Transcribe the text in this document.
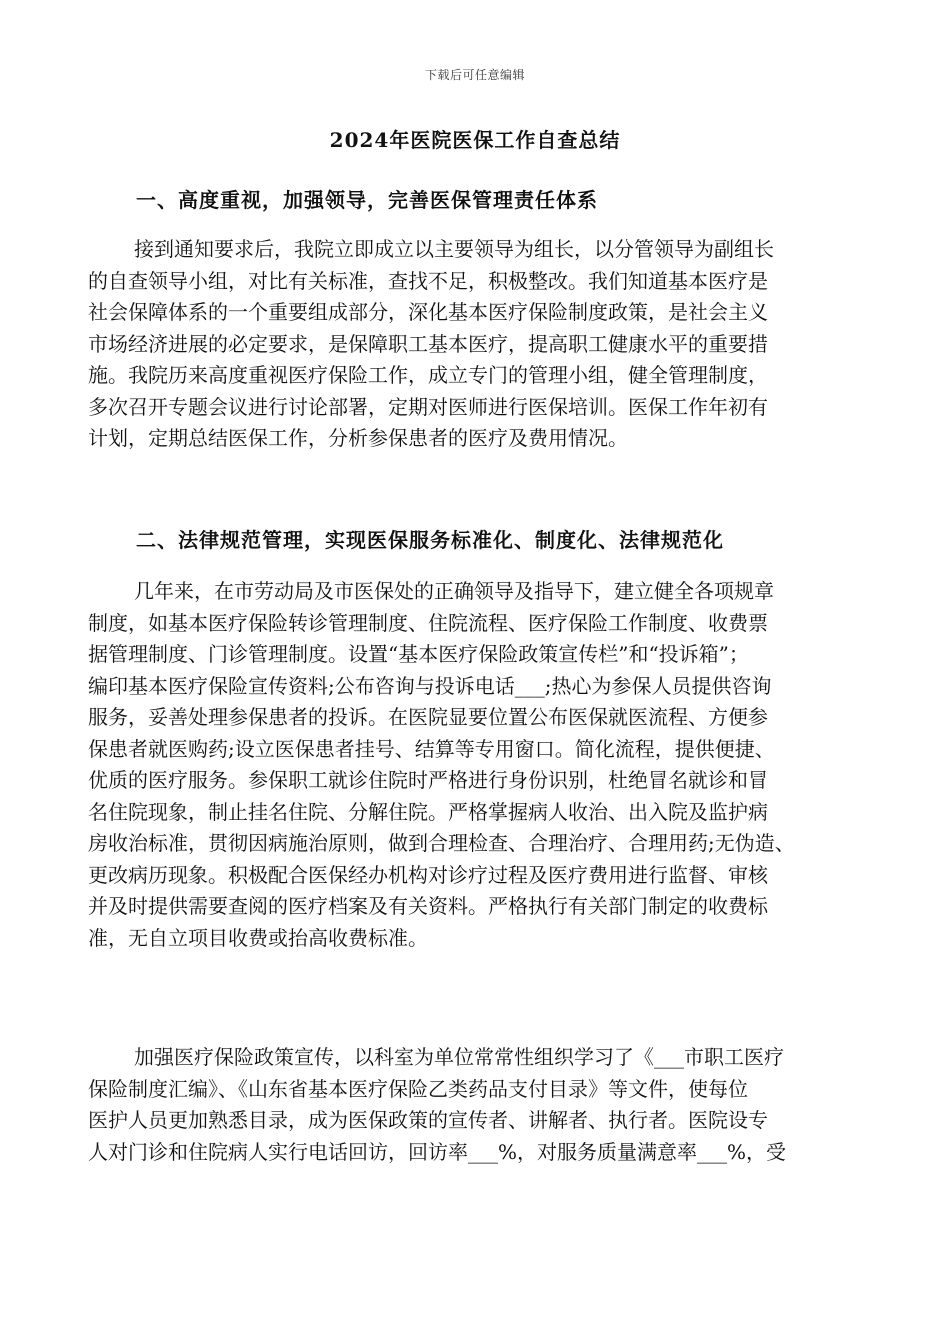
下载后可任意编辑
2024年医院医保工作自查总结
一、高度重视，加强领导，完善医保管理责任体系
接到通知要求后，我院立即成立以主要领导为组长，以分管领导为副组长
的自查领导小组，对比有关标准，查找不足，积极整改。我们知道基本医疗是
社会保障体系的一个重要组成部分，深化基本医疗保险制度政策，是社会主义
市场经济进展的必定要求，是保障职工基本医疗，提高职工健康水平的重要措
施。我院历来高度重视医疗保险工作，成立专门的管理小组，健全管理制度，
多次召开专题会议进行讨论部署，定期对医师进行医保培训。医保工作年初有
计划，定期总结医保工作，分析参保患者的医疗及费用情况。
二、法律规范管理，实现医保服务标准化、制度化、法律规范化
几年来，在市劳动局及市医保处的正确领导及指导下，建立健全各项规章
制度，如基本医疗保险转诊管理制度、住院流程、医疗保险工作制度、收费票
据管理制度、门诊管理制度。设置“基本医疗保险政策宣传栏”和“投诉箱”；
编印基本医疗保险宣传资料;公布咨询与投诉电话___;热心为参保人员提供咨询
服务，妥善处理参保患者的投诉。在医院显要位置公布医保就医流程、方便参
保患者就医购药;设立医保患者挂号、结算等专用窗口。简化流程，提供便捷、
优质的医疗服务。参保职工就诊住院时严格进行身份识别，杜绝冒名就诊和冒
名住院现象，制止挂名住院、分解住院。严格掌握病人收治、出入院及监护病
房收治标准，贯彻因病施治原则，做到合理检查、合理治疗、合理用药;无伪造、
更改病历现象。积极配合医保经办机构对诊疗过程及医疗费用进行监督、审核
并及时提供需要查阅的医疗档案及有关资料。严格执行有关部门制定的收费标
准，无自立项目收费或抬高收费标准。
加强医疗保险政策宣传，以科室为单位常常性组织学习了《___市职工医疗
保险制度汇编》、《山东省基本医疗保险乙类药品支付目录》等文件，使每位
医护人员更加熟悉目录，成为医保政策的宣传者、讲解者、执行者。医院设专
人对门诊和住院病人实行电话回访，回访率___%，对服务质量满意率___%，受
